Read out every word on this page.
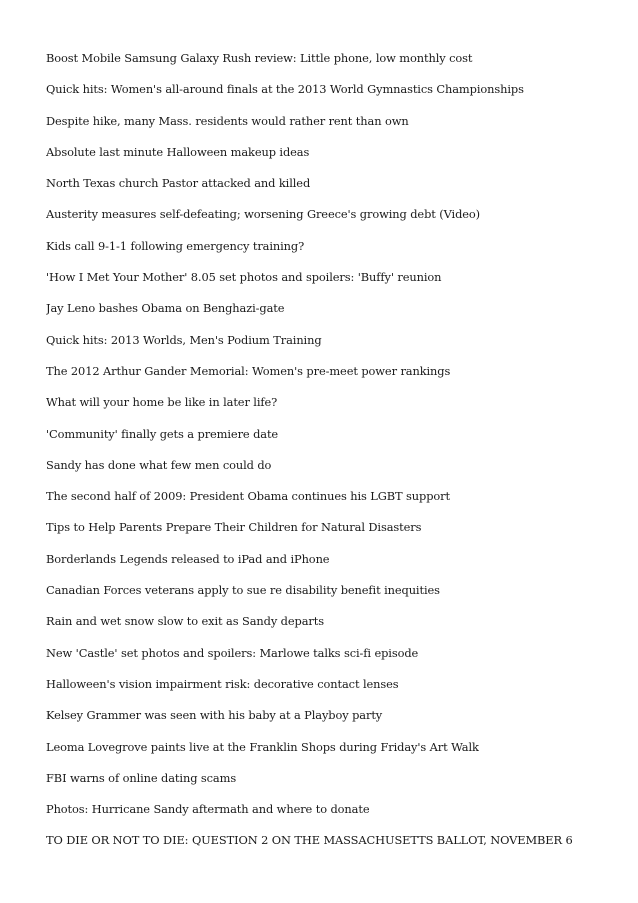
Boost Mobile Samsung Galaxy Rush review: Little phone, low monthly cost
Quick hits: Women's all-around finals at the 2013 World Gymnastics Championships
Despite hike, many Mass. residents would rather rent than own
Absolute last minute Halloween makeup ideas
North Texas church Pastor attacked and killed
Austerity measures self-defeating; worsening Greece's growing debt (Video)
Kids call 9-1-1 following emergency training?
'How I Met Your Mother' 8.05 set photos and spoilers: 'Buffy' reunion
Jay Leno bashes Obama on Benghazi-gate
Quick hits: 2013 Worlds, Men's Podium Training
The 2012 Arthur Gander Memorial: Women's pre-meet power rankings
What will your home be like in later life?
'Community' finally gets a premiere date
Sandy has done what few men could do
The second half of 2009: President Obama continues his LGBT support
Tips to Help Parents Prepare Their Children for Natural Disasters
Borderlands Legends released to iPad and iPhone
Canadian Forces veterans apply to sue re disability benefit inequities
Rain and wet snow slow to exit as Sandy departs
New 'Castle' set photos and spoilers: Marlowe talks sci-fi episode
Halloween's vision impairment risk: decorative contact lenses
Kelsey Grammer was seen with his baby at a Playboy party
Leoma Lovegrove paints live at the Franklin Shops during Friday's Art Walk
FBI warns of online dating scams
Photos: Hurricane Sandy aftermath and where to donate
TO DIE OR NOT TO DIE: QUESTION 2 ON THE MASSACHUSETTS BALLOT, NOVEMBER 6
